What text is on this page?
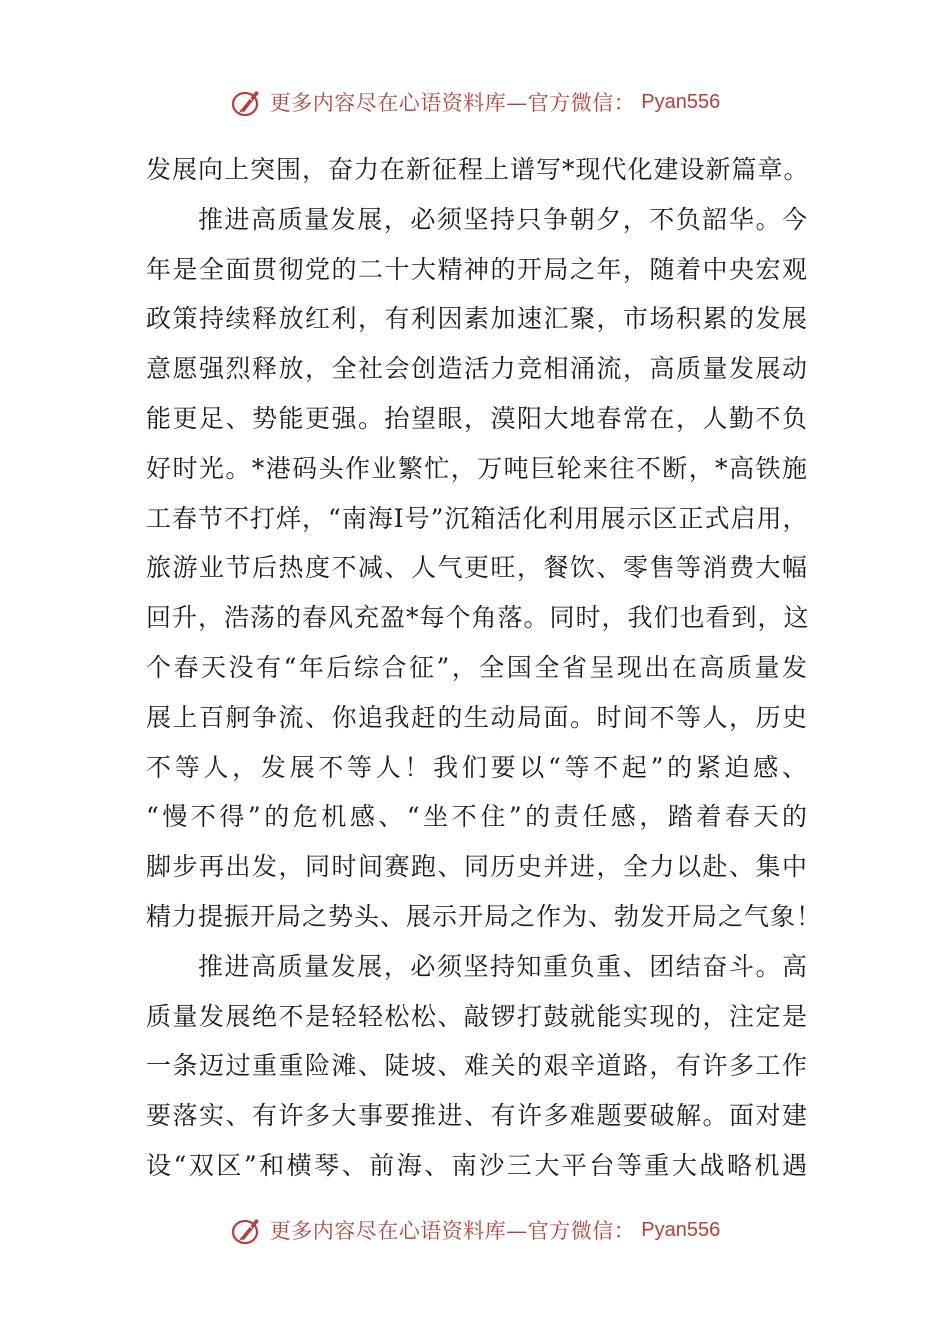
更多内容尽在心语资料库—官方微信： Pyan556
发展向上突围，奋力在新征程上谱写*现代化建设新篇章。
推进高质量发展，必须坚持只争朝夕，不负韶华。今
年是全面贯彻党的二十大精神的开局之年，随着中央宏观
政策持续释放红利，有利因素加速汇聚，市场积累的发展
意愿强烈释放，全社会创造活力竞相涌流，高质量发展动
能更足、势能更强。抬望眼，漠阳大地春常在，人勤不负
好时光。*港码头作业繁忙，万吨巨轮来往不断，*高铁施
工春节不打烊，“南海Ⅰ号”沉箱活化利用展示区正式启用，
旅游业节后热度不减、人气更旺，餐饮、零售等消费大幅
回升，浩荡的春风充盈*每个角落。同时，我们也看到，这
个春天没有“年后综合征”，全国全省呈现出在高质量发
展上百舸争流、你追我赶的生动局面。时间不等人，历史
不等人，发展不等人！我们要以“等不起”的紧迫感、
“慢不得”的危机感、“坐不住”的责任感，踏着春天的
脚步再出发，同时间赛跑、同历史并进，全力以赴、集中
精力提振开局之势头、展示开局之作为、勃发开局之气象！
推进高质量发展，必须坚持知重负重、团结奋斗。高
质量发展绝不是轻轻松松、敲锣打鼓就能实现的，注定是
一条迈过重重险滩、陡坡、难关的艰辛道路，有许多工作
要落实、有许多大事要推进、有许多难题要破解。面对建
设“双区”和横琴、前海、南沙三大平台等重大战略机遇
更多内容尽在心语资料库—官方微信： Pyan556
